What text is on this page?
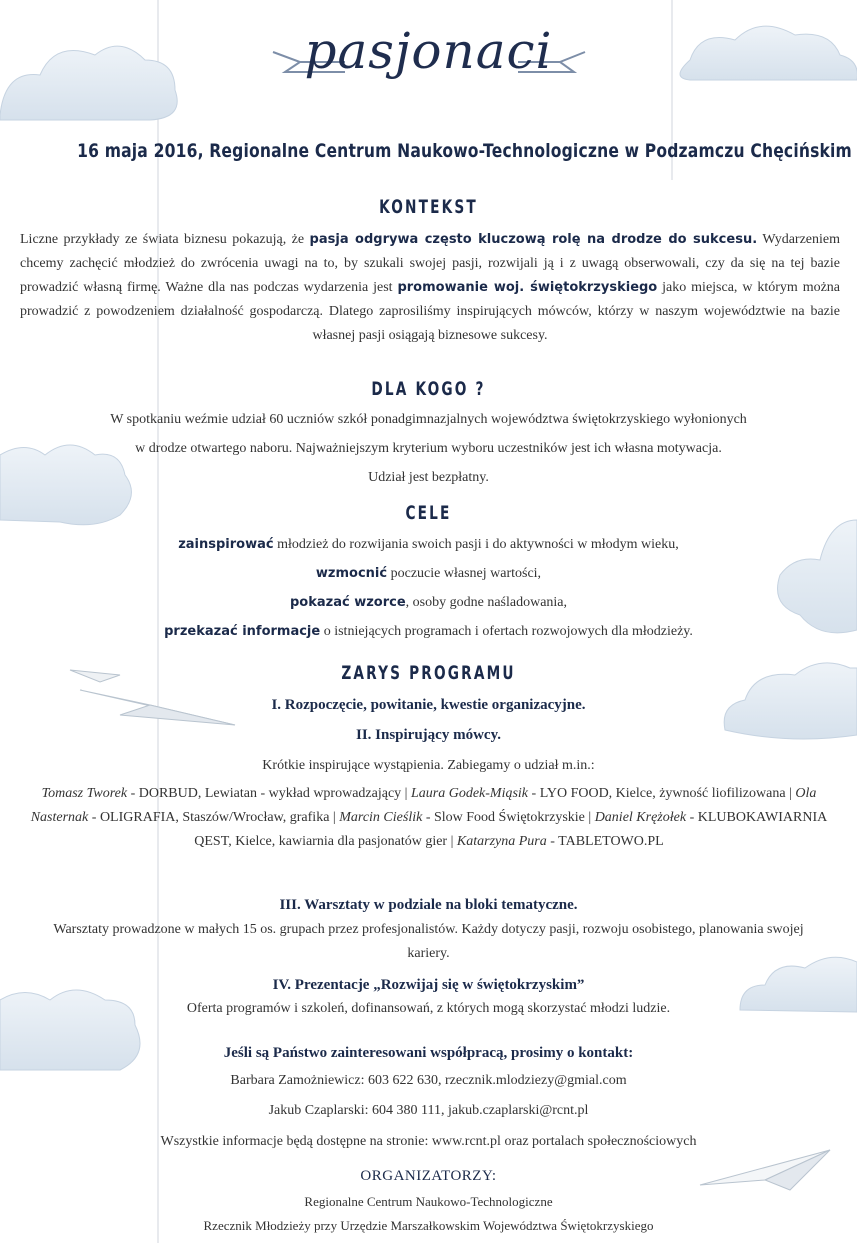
pasjonaci
16 maja 2016, Regionalne Centrum Naukowo-Technologiczne w Podzamczu Chęcińskim
KONTEKST
Liczne przykłady ze świata biznesu pokazują, że pasja odgrywa często kluczową rolę na drodze do sukcesu. Wydarzeniem chcemy zachęcić młodzież do zwrócenia uwagi na to, by szukali swojej pasji, rozwijali ją i z uwagą obserwowali, czy da się na tej bazie prowadzić własną firmę. Ważne dla nas podczas wydarzenia jest promowanie woj. świętokrzyskiego jako miejsca, w którym można prowadzić z powodzeniem działalność gospodarczą. Dlatego zaprosiliśmy inspirujących mówców, którzy w naszym województwie na bazie własnej pasji osiągają biznesowe sukcesy.
DLA KOGO ?
W spotkaniu weźmie udział 60 uczniów szkół ponadgimnazjalnych województwa świętokrzyskiego wyłonionych
w drodze otwartego naboru. Najważniejszym kryterium wyboru uczestników jest ich własna motywacja.
Udział jest bezpłatny.
CELE
zainspirować młodzież do rozwijania swoich pasji i do aktywności w młodym wieku,
wzmocnić poczucie własnej wartości,
pokazać wzorce, osoby godne naśladowania,
przekazać informacje o istniejących programach i ofertach rozwojowych dla młodzieży.
ZARYS PROGRAMU
I. Rozpoczęcie, powitanie, kwestie organizacyjne.
II. Inspirujący mówcy.
Krótkie inspirujące wystąpienia. Zabiegamy o udział m.in.:
Tomasz Tworek - DORBUD, Lewiatan - wykład wprowadzający | Laura Godek-Miąsik - LYO FOOD, Kielce, żywność liofilizowana | Ola Nasternak - OLIGRAFIA, Staszów/Wrocław, grafika | Marcin Cieślik - Slow Food Świętokrzyskie | Daniel Krężołek - KLUBOKAWIARNIA QEST, Kielce, kawiarnia dla pasjonatów gier | Katarzyna Pura - TABLETOWO.PL
III. Warsztaty w podziale na bloki tematyczne.
Warsztaty prowadzone w małych 15 os. grupach przez profesjonalistów. Każdy dotyczy pasji, rozwoju osobistego, planowania swojej kariery.
IV. Prezentacje „Rozwijaj się w świętokrzyskim”
Oferta programów i szkoleń, dofinansowań, z których mogą skorzystać młodzi ludzie.
Jeśli są Państwo zainteresowani współpracą, prosimy o kontakt:
Barbara Zamożniewicz: 603 622 630, rzecznik.mlodziezy@gmial.com
Jakub Czaplarski: 604 380 111, jakub.czaplarski@rcnt.pl
Wszystkie informacje będą dostępne na stronie: www.rcnt.pl oraz portalach społecznościowych
ORGANIZATORZY:
Regionalne Centrum Naukowo-Technologiczne
Rzecznik Młodzieży przy Urzędzie Marszałkowskim Województwa Świętokrzyskiego
